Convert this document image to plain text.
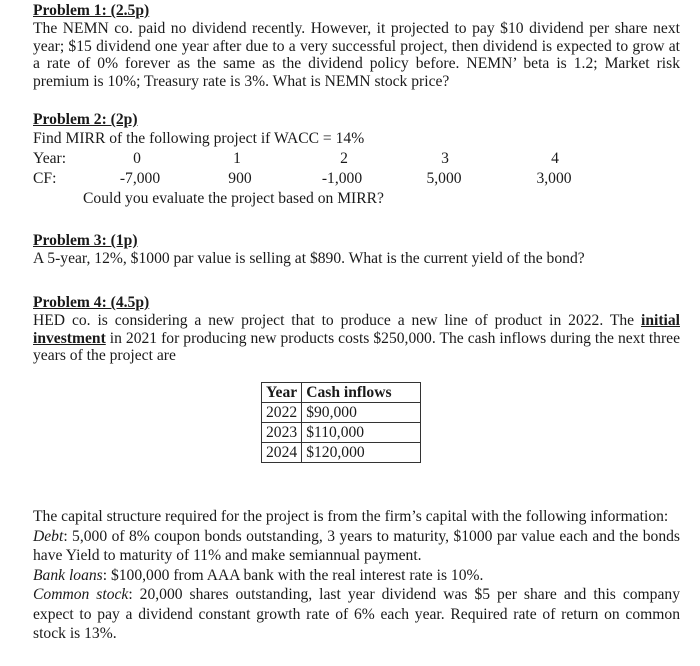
Problem 1: (2.5p)

The NEMN co. paid no dividend recently. However, it projected to pay $10 dividend per share next year; $15 dividend one year after due to a very successful project, then dividend is expected to grow at a rate of 0% forever as the same as the dividend policy before. NEMN’ beta is 1.2; Market risk premium is 10%; Treasury rate is 3%. What is NEMN stock price?

Problem 2: (2p)

Find MIRR of the following project if WACC = 14%

Year:	0	1	2	3	4
CF:	-7,000	900	-1,000	5,000	3,000

Could you evaluate the project based on MIRR?

Problem 3: (1p)

A 5-year, 12%, $1000 par value is selling at $890. What is the current yield of the bond?

Problem 4: (4.5p)

HED co. is considering a new project that to produce a new line of product in 2022. The initial investment in 2021 for producing new products costs $250,000. The cash inflows during the next three years of the project are

Year	Cash inflows
2022	$90,000
2023	$110,000
2024	$120,000

The capital structure required for the project is from the firm’s capital with the following information:

Debt: 5,000 of 8% coupon bonds outstanding, 3 years to maturity, $1000 par value each and the bonds have Yield to maturity of 11% and make semiannual payment.

Bank loans: $100,000 from AAA bank with the real interest rate is 10%.

Common stock: 20,000 shares outstanding, last year dividend was $5 per share and this company expect to pay a dividend constant growth rate of 6% each year. Required rate of return on common stock is 13%.
